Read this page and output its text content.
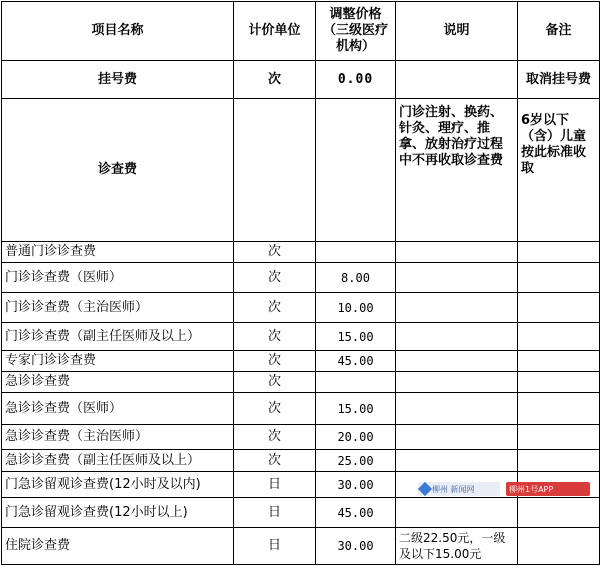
项目名称	计价单位	调整价格（三级医疗机构）	说明	备注
挂号费	次	0.00		取消挂号费
诊查费			门诊注射、换药、针灸、理疗、推拿、放射治疗过程中不再收取诊查费	6岁以下（含）儿童按此标准收取
普通门诊诊查费	次			
门诊诊查费（医师）	次	8.00		
门诊诊查费（主治医师）	次	10.00		
门诊诊查费（副主任医师及以上）	次	15.00		
专家门诊诊查费	次	45.00		
急诊诊查费	次			
急诊诊查费（医师）	次	15.00		
急诊诊查费（主治医师）	次	20.00		
急诊诊查费（副主任医师及以上）	次	25.00		
门急诊留观诊查费(12小时及以内)	日	30.00		
门急诊留观诊查费(12小时以上)	日	45.00		
住院诊查费	日	30.00	二级22.50元，一级及以下15.00元	
柳州 新闻网	柳州1号APP
